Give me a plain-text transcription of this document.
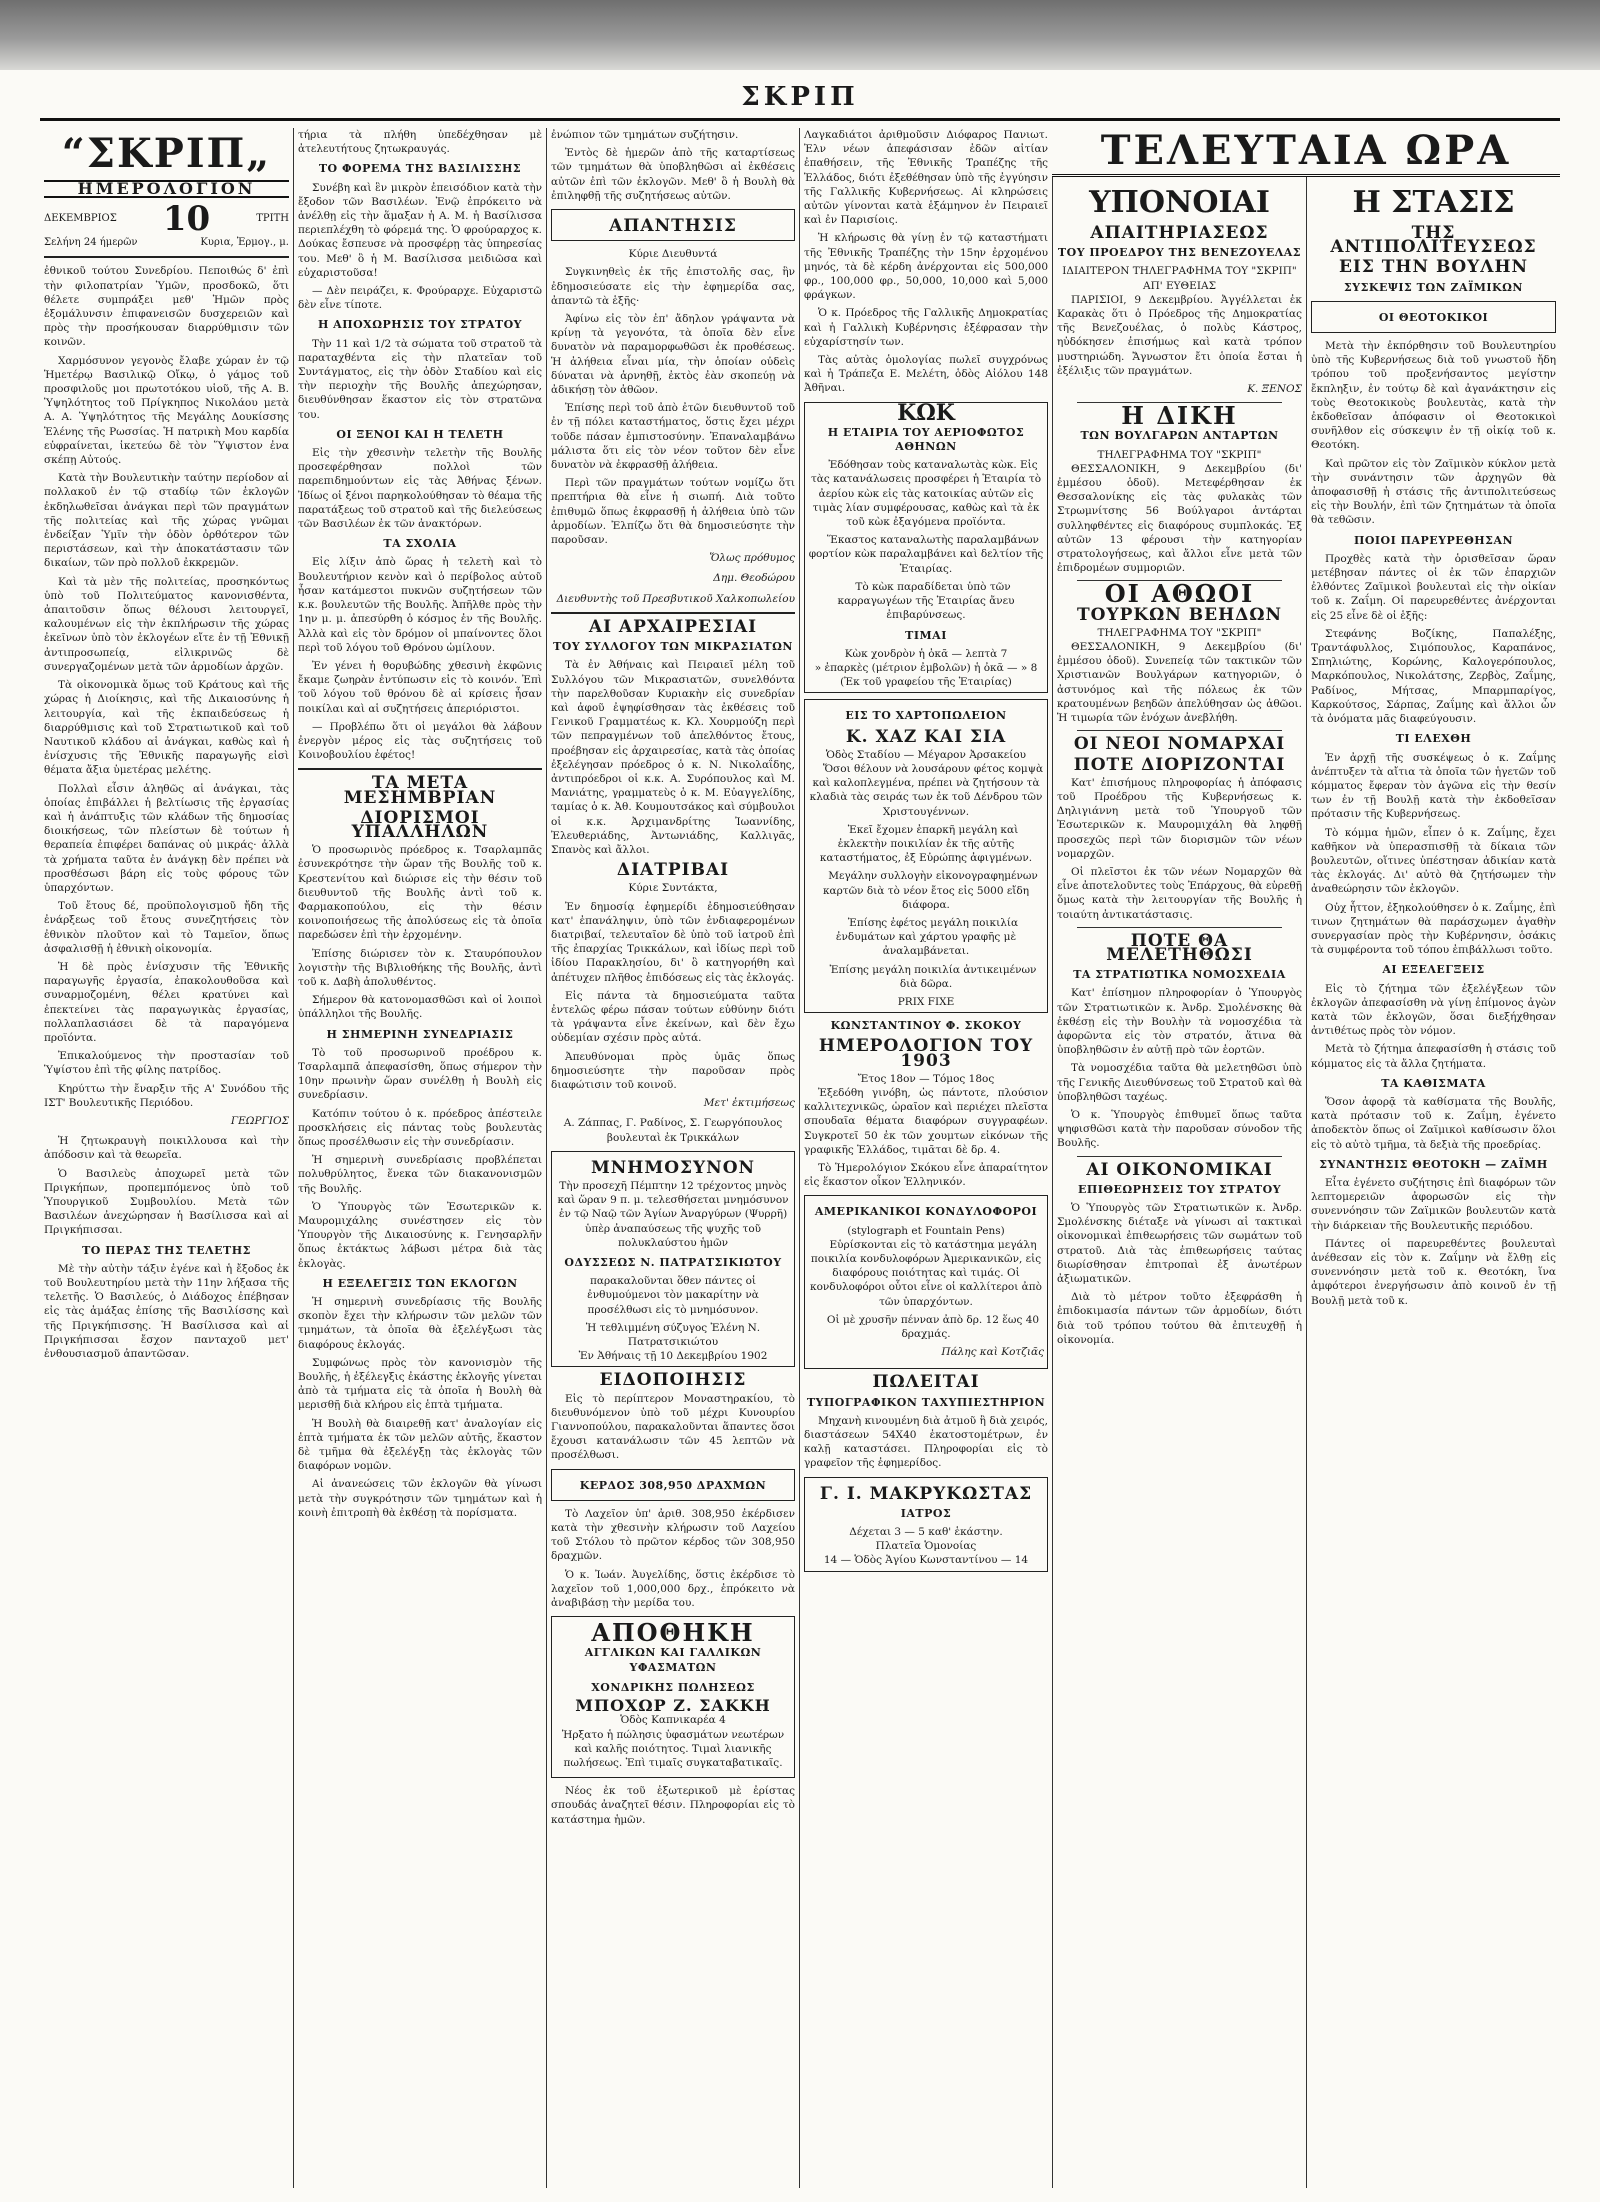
ΣΚΡΙΠ
“ΣΚΡΙΠ„
ΗΜΕΡΟΛΟΓΙΟΝ
ΔΕΚΕΜΒΡΙΟΣ 10	ΤΡΙΤΗ
Σελήνη 24 ήμερῶν	Κυρια, Ἐρμογ., μ.

ἐθνικοῦ τούτου Συνεδρίου. Πεποιθώς δ' ἐπὶ τὴν φιλοπατρίαν Ὑμῶν, προσδοκῶ, ὅτι θέλετε συμπράξει μεθ' Ἡμῶν πρὸς ἐξομάλυνσιν ἐπιφανεισῶν δυσχερειῶν καὶ πρὸς τὴν προσήκουσαν διαρρύθμισιν τῶν κοινῶν.

Χαρμόσυνον γεγονὸς ἔλαβε χώραν ἐν τῷ Ἡμετέρῳ Βασιλικῷ Οἴκῳ, ὁ γάμος τοῦ προσφιλοῦς μοι πρωτοτόκου υἱοῦ, τῆς Α. Β. Ὑψηλότητος τοῦ Πρίγκηπος Νικολάου μετὰ Α. Α. Ὑψηλότητος τῆς Μεγάλης Δουκίσσης Ἑλένης τῆς Ρωσσίας. Ἡ πατρικὴ Μου καρδία εὐφραίνεται, ἱκετεύω δὲ τὸν Ὕψιστον ἐνα σκέπῃ Αὐτούς.

Κατὰ τὴν Βουλευτικὴν ταύτην περίοδον αἱ πολλακοῦ ἐν τῷ σταδίῳ τῶν ἐκλογῶν ἐκδηλωθεῖσαι ἀνάγκαι περὶ τῶν πραγμάτων τῆς πολιτείας καὶ τῆς χώρας γνῶμαι ἐνδείξαν Ὑμῖν τὴν ὁδὸν ὀρθότερον τῶν περιστάσεων, καὶ τὴν ἀποκατάστασιν τῶν δικαίων, τῶν πρὸ πολλοῦ ἐκκρεμῶν.

Καὶ τὰ μὲν τῆς πολιτείας, προσηκόντως ὑπὸ τοῦ Πολιτεύματος κανονισθέντα, ἀπαιτοῦσιν ὅπως θέλουσι λειτουργεῖ, καλουμένων εἰς τὴν ἐκπλήρωσιν τῆς χώρας ἐκεῖνων ὑπὸ τὸν ἐκλογέων εἴτε ἐν τῇ Ἐθνικῇ ἀντιπροσωπείᾳ, εἰλικρινῶς δὲ συνεργαζομένων μετὰ τῶν ἀρμοδίων ἀρχῶν.

Τὰ οἰκονομικὰ ὅμως τοῦ Κράτους καὶ τῆς χώρας ἡ Διοίκησις, καὶ τῆς Δικαιοσύνης ἡ λειτουργία, καὶ τῆς ἐκπαιδεύσεως ἡ διαρρύθμισις καὶ τοῦ Στρατιωτικοῦ καὶ τοῦ Ναυτικοῦ κλάδου αἱ ἀνάγκαι, καθὼς καὶ ἡ ἐνίσχυσις τῆς Ἐθνικῆς παραγωγῆς εἰσὶ θέματα ἄξια ὑμετέρας μελέτης.

Πολλαὶ εἶσιν ἀληθῶς αἱ ἀνάγκαι, τὰς ὁποίας ἐπιβάλλει ἡ βελτίωσις τῆς ἐργασίας καὶ ἡ ἀνάπτυξις τῶν κλάδων τῆς δημοσίας διοικήσεως, τῶν πλείστων δὲ τούτων ἡ θεραπεία ἐπιφέρει δαπάνας οὐ μικράς· ἀλλὰ τὰ χρήματα ταῦτα ἐν ἀνάγκῃ δὲν πρέπει νὰ προσθέσωσι βάρη εἰς τοὺς φόρους τῶν ὑπαρχόντων.

Τοῦ ἔτους δέ, προϋπολογισμοῦ ἤδη τῆς ἐνάρξεως τοῦ ἔτους συνεζητήσεις τὸν ἐθνικὸν πλοῦτον καὶ τὸ Ταμεῖον, ὅπως ἀσφαλισθῇ ἡ ἐθνικὴ οἰκονομία.

Ἡ δὲ πρὸς ἐνίσχυσιν τῆς Ἐθνικῆς παραγωγῆς ἐργασία, ἐπακολουθοῦσα καὶ συναρμοζομένη, θέλει κρατύνει καὶ ἐπεκτείνει τὰς παραγωγικὰς ἐργασίας, πολλαπλασιάσει δὲ τὰ παραγόμενα προϊόντα.

Ἐπικαλούμενος τὴν προστασίαν τοῦ Ὑψίστου ἐπὶ τῆς φίλης πατρίδος.

Κηρύττω τὴν ἔναρξιν τῆς Α' Συνόδου τῆς ΙΣΤ' Βουλευτικῆς Περιόδου.

ΓΕΩΡΓΙΟΣ

Ἡ ζητωκραυγὴ ποικιλλουσα καὶ τὴν ἀπόδοσιν καὶ τὰ θεωρεῖα.

Ὁ Βασιλεὺς ἀποχωρεῖ μετὰ τῶν Πριγκήπων, προπεμπόμενος ὑπὸ τοῦ Ὑπουργικοῦ Συμβουλίου. Μετὰ τῶν Βασιλέων ἀνεχώρησαν ἡ Βασίλισσα καὶ αἱ Πριγκήπισσαι.

ΤΟ ΠΕΡΑΣ ΤΗΣ ΤΕΛΕΤΗΣ

Μὲ τὴν αὐτὴν τάξιν ἐγένε καὶ ἡ ἔξοδος ἐκ τοῦ Βουλευτηρίου μετὰ τὴν 11ην λήξασα τῆς τελετῆς. Ὁ Βασιλεύς, ὁ Διάδοχος ἐπέβησαν εἰς τὰς ἁμάξας ἐπίσης τῆς Βασιλίσσης καὶ τῆς Πριγκήπισσης. Ἡ Βασίλισσα καὶ αἱ Πριγκήπισσαι ἔσχον πανταχοῦ μετ' ἐνθουσιασμοῦ ἀπαντῶσαν.

τήρια τὰ πλήθη ὑπεδέχθησαν μὲ ἀτελευτήτους ζητωκραυγάς.

ΤΟ ΦΟΡΕΜΑ ΤΗΣ ΒΑΣΙΛΙΣΣΗΣ

Συνέβη καὶ ἓν μικρὸν ἐπεισόδιον κατὰ τὴν ἔξοδον τῶν Βασιλέων. Ἐνῷ ἐπρόκειτο νὰ ἀνέλθῃ εἰς τὴν ἅμαξαν ἡ Α. Μ. ἡ Βασίλισσα περιεπλέχθη τὸ φόρεμά της. Ὁ φρούραρχος κ. Δούκας ἔσπευσε νὰ προσφέρῃ τὰς ὑπηρεσίας του. Μεθ' ὃ ἡ Μ. Βασίλισσα μειδιῶσα καὶ εὐχαριστοῦσα!

— Δὲν πειράζει, κ. Φρούραρχε. Εὐχαριστῶ δὲν εἶνε τίποτε.

Η ΑΠΟΧΩΡΗΣΙΣ ΤΟΥ ΣΤΡΑΤΟΥ

Τὴν 11 καὶ 1/2 τὰ σώματα τοῦ στρατοῦ τὰ παραταχθέντα εἰς τὴν πλατεῖαν τοῦ Συντάγματος, εἰς τὴν ὁδὸν Σταδίου καὶ εἰς τὴν περιοχὴν τῆς Βουλῆς ἀπεχώρησαν, διευθύνθησαν ἕκαστον εἰς τὸν στρατῶνα του.

ΟΙ ΞΕΝΟΙ ΚΑΙ Η ΤΕΛΕΤΗ

Εἰς τὴν χθεσινὴν τελετὴν τῆς Βουλῆς προσεφέρθησαν πολλοὶ τῶν παρεπιδημούντων εἰς τὰς Ἀθήνας ξένων. Ἰδίως οἱ ξένοι παρηκολούθησαν τὸ θέαμα τῆς παρατάξεως τοῦ στρατοῦ καὶ τῆς διελεύσεως τῶν Βασιλέων ἐκ τῶν ἀνακτόρων.

ΤΑ ΣΧΟΛΙΑ

Εἰς λίξιν ἀπὸ ὥρας ἡ τελετὴ καὶ τὸ Βουλευτήριον κενὸν καὶ ὁ περίβολος αὐτοῦ ἦσαν κατάμεστοι πυκνῶν συζητήσεων τῶν κ.κ. βουλευτῶν τῆς Βουλῆς. Ἀπῆλθε πρὸς τὴν 1ην μ. μ. ἀπεσύρθη ὁ κόσμος ἐν τῆς Βουλῆς. Ἀλλὰ καὶ εἰς τὸν δρόμον οἱ μπαίνοντες ὅλοι περὶ τοῦ λόγου τοῦ Θρόνου ὡμίλουν.

Ἐν γένει ἡ θορυβώδης χθεσινὴ ἐκφῶνις ἔκαμε ζωηρὰν ἐντύπωσιν εἰς τὸ κοινόν. Ἐπὶ τοῦ λόγου τοῦ θρόνου δὲ αἱ κρίσεις ἦσαν ποικίλαι καὶ αἱ συζητήσεις ἀπεριόριστοι.

— Προβλέπω ὅτι οἱ μεγάλοι θὰ λάβουν ἐνεργὸν μέρος εἰς τὰς συζητήσεις τοῦ Κοινοβουλίου ἐφέτος!

ΤΑ ΜΕΤΑ ΜΕΣΗΜΒΡΙΑΝ
ΔΙΟΡΙΣΜΟΙ ΥΠΑΛΛΗΛΩΝ

Ὁ προσωρινὸς πρόεδρος κ. Τσαρλαμπᾶς ἐσυνεκρότησε τὴν ὥραν τῆς Βουλῆς τοῦ κ. Κρεστενίτου καὶ διώρισε εἰς τὴν θέσιν τοῦ διευθυντοῦ τῆς Βουλῆς ἀντὶ τοῦ κ. Φαρμακοπούλου, εἰς τὴν θέσιν κοινοποιήσεως τῆς ἀπολύσεως εἰς τὰ ὁποῖα παρεδώσεν ἐπὶ τὴν ἐρχομένην.

Ἐπίσης διώρισεν τὸν κ. Σταυρόπουλον λογιστὴν τῆς Βιβλιοθήκης τῆς Βουλῆς, ἀντὶ τοῦ κ. Δαβὴ ἀπολυθέντος.

Σήμερον θὰ κατονομασθῶσι καὶ οἱ λοιποὶ ὑπάλληλοι τῆς Βουλῆς.

Η ΣΗΜΕΡΙΝΗ ΣΥΝΕΔΡΙΑΣΙΣ

Τὸ τοῦ προσωρινοῦ προέδρου κ. Τσαρλαμπᾶ ἀπεφασίσθη, ὅπως σήμερον τὴν 10ην πρωινὴν ὥραν συνέλθῃ ἡ Βουλὴ εἰς συνεδρίασιν.

Κατόπιν τούτου ὁ κ. πρόεδρος ἀπέστειλε προσκλήσεις εἰς πάντας τοὺς βουλευτὰς ὅπως προσέλθωσιν εἰς τὴν συνεδρίασιν.

Ἡ σημερινὴ συνεδρίασις προβλέπεται πολυθρύλητος, ἕνεκα τῶν διακανονισμῶν τῆς Βουλῆς.

Ὁ Ὑπουργὸς τῶν Ἐσωτερικῶν κ. Μαυρομιχάλης συνέστησεν εἰς τὸν Ὑπουργὸν τῆς Δικαιοσύνης κ. Γενησαρλῆν ὅπως ἐκτάκτως λάβωσι μέτρα διὰ τὰς ἐκλογὰς.

Η ΕΞΕΛΕΓΞΙΣ ΤΩΝ ΕΚΛΟΓΩΝ

Ἡ σημερινὴ συνεδρίασις τῆς Βουλῆς σκοπὸν ἔχει τὴν κλήρωσιν τῶν μελῶν τῶν τμημάτων, τὰ ὁποῖα θὰ ἐξελέγξωσι τὰς διαφόρους ἐκλογάς.

Συμφώνως πρὸς τὸν κανονισμὸν τῆς Βουλῆς, ἡ ἐξέλεγξις ἐκάστης ἐκλογῆς γίνεται ἀπὸ τὰ τμήματα εἰς τὰ ὁποῖα ἡ Βουλὴ θὰ μερισθῇ διὰ κλήρου εἰς ἑπτὰ τμήματα.

Ἡ Βουλὴ θὰ διαιρεθῇ κατ' ἀναλογίαν εἰς ἑπτὰ τμήματα ἐκ τῶν μελῶν αὐτῆς, ἕκαστον δὲ τμῆμα θὰ ἐξελέγξῃ τὰς ἐκλογὰς τῶν διαφόρων νομῶν.

Αἱ ἀνανεώσεις τῶν ἐκλογῶν θὰ γίνωσι μετὰ τὴν συγκρότησιν τῶν τμημάτων καὶ ἡ κοινὴ ἐπιτροπὴ θὰ ἐκθέσῃ τὰ πορίσματα.

ἐνώπιον τῶν τμημάτων συζήτησιν.

Ἐντὸς δὲ ἡμερῶν ἀπὸ τῆς καταρτίσεως τῶν τμημάτων θὰ ὑποβληθῶσι αἱ ἐκθέσεις αὐτῶν ἐπὶ τῶν ἐκλογῶν. Μεθ' ὃ ἡ Βουλὴ θὰ ἐπιληφθῇ τῆς συζητήσεως αὐτῶν.

ΑΠΑΝΤΗΣΙΣ

Κύριε Διευθυντά

Συγκινηθεὶς ἐκ τῆς ἐπιστολῆς σας, ἣν ἐδημοσιεύσατε εἰς τὴν ἐφημερίδα σας, ἀπαντῶ τὰ ἑξῆς·

Ἀφίνω εἰς τὸν ἐπ' ἄδηλον γράψαντα νὰ κρίνῃ τὰ γεγονότα, τὰ ὁποῖα δὲν εἶνε δυνατὸν νὰ παραμορφωθῶσι ἐκ προθέσεως. Ἡ ἀλήθεια εἶναι μία, τὴν ὁποίαν οὐδεὶς δύναται νὰ ἀρνηθῇ, ἐκτὸς ἐὰν σκοπεύῃ νὰ ἀδικήσῃ τὸν ἀθῶον.

Ἐπίσης περὶ τοῦ ἀπὸ ἐτῶν διευθυντοῦ τοῦ ἐν τῇ πόλει καταστήματος, ὅστις ἔχει μέχρι τοῦδε πάσαν ἐμπιστοσύνην. Ἐπαναλαμβάνω μάλιστα ὅτι εἰς τὸν νέον τοῦτον δὲν εἶνε δυνατὸν νὰ ἐκφρασθῇ ἀλήθεια.

Περὶ τῶν πραγμάτων τούτων νομίζω ὅτι πρεπτήρια θὰ εἶνε ἡ σιωπή. Διὰ τοῦτο ἐπιθυμῶ ὅπως ἐκφρασθῇ ἡ ἀλήθεια ὑπὸ τῶν ἁρμοδίων. Ἐλπίζω ὅτι θὰ δημοσιεύσητε τὴν παροῦσαν.

Ὅλως πρόθυμος
Δημ. Θεοδώρου
Διευθυντὴς τοῦ Πρεσβυτικοῦ Χαλκοπωλείου
ΑΙ ΑΡΧΑΙΡΕΣΙΑΙ
ΤΟΥ ΣΥΛΛΟΓΟΥ ΤΩΝ ΜΙΚΡΑΣΙΑΤΩΝ

Τὰ ἐν Ἀθήναις καὶ Πειραιεῖ μέλη τοῦ Συλλόγου τῶν Μικρασιατῶν, συνελθόντα τὴν παρελθοῦσαν Κυριακὴν εἰς συνεδρίαν καὶ ἀφοῦ ἐψηφίσθησαν τὰς ἐκθέσεις τοῦ Γενικοῦ Γραμματέως κ. Κλ. Χουρμούζη περὶ τῶν πεπραγμένων τοῦ ἀπελθόντος ἔτους, προέβησαν εἰς ἀρχαιρεσίας, κατὰ τὰς ὁποίας ἐξελέγησαν πρόεδρος ὁ κ. Ν. Νικολαΐδης, ἀντιπρόεδροι οἱ κ.κ. Α. Συρόπουλος καὶ Μ. Μανιάτης, γραμματεὺς ὁ κ. Μ. Εὐαγγελίδης, ταμίας ὁ κ. Ἀθ. Κουμουτσάκος καὶ σύμβουλοι οἱ κ.κ. Ἀρχιμανδρίτης Ἰωαννίδης, Ἐλευθεριάδης, Ἀντωνιάδης, Καλλιγᾶς, Σπανὸς καὶ ἄλλοι.

ΔΙΑΤΡΙΒΑΙ

Κύριε Συντάκτα,

Ἐν δημοσίᾳ ἐφημερίδι ἐδημοσιεύθησαν κατ' ἐπανάληψιν, ὑπὸ τῶν ἐνδιαφερομένων διατριβαί, τελευταῖον δὲ ὑπὸ τοῦ ἰατροῦ ἐπὶ τῆς ἐπαρχίας Τρικκάλων, καὶ ἰδίως περὶ τοῦ ἰδίου Παρακλησίου, δι' ὃ κατηγορήθη καὶ ἀπέτυχεν πλῆθος ἐπιδόσεως εἰς τὰς ἐκλογάς.

Εἰς πάντα τὰ δημοσιεύματα ταῦτα ἐντελῶς φέρω πάσαν τούτων εὐθύνην διότι τὰ γράψαντα εἶνε ἐκείνων, καὶ δὲν ἔχω οὐδεμίαν σχέσιν πρὸς αὐτά.

Ἀπευθύνομαι πρὸς ὑμᾶς ὅπως δημοσιεύσητε τὴν παροῦσαν πρὸς διαφώτισιν τοῦ κοινοῦ.

Μετ' ἐκτιμήσεως
Α. Ζάππας, Γ. Ραδίνος, Σ. Γεωργόπουλος
βουλευταὶ ἐκ Τρικκάλων
ΜΝΗΜΟΣΥΝΟΝ

Τὴν προσεχῆ Πέμπτην 12 τρέχοντος μηνὸς καὶ ὥραν 9 π. μ. τελεσθήσεται μνημόσυνον ἐν τῷ Ναῷ τῶν Ἁγίων Ἀναργύρων (Ψυρρῆ) ὑπὲρ ἀναπαύσεως τῆς ψυχῆς τοῦ πολυκλαύστου ἡμῶν

ΟΔΥΣΣΕΩΣ Ν. ΠΑΤΡΑΤΣΙΚΙΩΤΟΥ

παρακαλοῦνται ὅθεν πάντες οἱ ἐνθυμούμενοι τὸν μακαρίτην νὰ προσέλθωσι εἰς τὸ μνημόσυνον.

Ἡ τεθλιμμένη σύζυγος Ἐλένη Ν. Πατρατσικιώτου
Ἐν Ἀθήναις τῇ 10 Δεκεμβρίου 1902
ΕΙΔΟΠΟΙΗΣΙΣ

Εἰς τὸ περίπτερον Μοναστηρακίου, τὸ διευθυνόμενον ὑπὸ τοῦ μέχρι Κυνουρίου Γιαννοπούλου, παρακαλοῦνται ἅπαντες ὅσοι ἔχουσι κατανάλωσιν τῶν 45 λεπτῶν νὰ προσέλθωσι.

ΚΕΡΔΟΣ 308,950 ΔΡΑΧΜΩΝ

Τὸ Λαχεῖον ὑπ' ἀριθ. 308,950 ἐκέρδισεν κατὰ τὴν χθεσινὴν κλήρωσιν τοῦ Λαχείου τοῦ Στόλου τὸ πρῶτον κέρδος τῶν 308,950 δραχμῶν.

Ὁ κ. Ἰωάν. Ἀυγελίδης, ὅστις ἐκέρδισε τὸ λαχεῖον τοῦ 1,000,000 δρχ., ἐπρόκειτο νὰ ἀναβιβάσῃ τὴν μερίδα του.

ΑΠΟΘΗΚΗ
ΑΓΓΛΙΚΩΝ ΚΑΙ ΓΑΛΛΙΚΩΝ ΥΦΑΣΜΑΤΩΝ
ΧΟΝΔΡΙΚΗΣ ΠΩΛΗΣΕΩΣ
ΜΠΟΧΩΡ Ζ. ΣΑΚΚΗ
Ὁδὸς Καπνικαρέα 4

Ἠρξατο ἡ πώλησις ὑφασμάτων νεωτέρων καὶ καλῆς ποιότητος. Τιμαὶ λιανικῆς πωλήσεως. Ἐπὶ τιμαῖς συγκαταβατικαῖς.

Νέος ἐκ τοῦ ἐξωτερικοῦ μὲ ἐρίστας σπουδάς ἀναζητεῖ θέσιν. Πληροφορίαι εἰς τὸ κατάστημα ἡμῶν.

Λαγκαδιάτοι ἀριθμοῦσιν Διόφαρος Πανιωτ. Ἐλν νέων ἀπεφάσισαν ἐδῶν αἰτίαν ἐπαθήσειν, τῆς Ἐθνικῆς Τραπέζης τῆς Ἑλλάδος, διότι ἐξεθέθησαν ὑπὸ τῆς ἐγγύησιν τῆς Γαλλικῆς Κυβερνήσεως. Αἱ κληρώσεις αὐτῶν γίνονται κατὰ ἑξάμηνον ἐν Πειραιεῖ καὶ ἐν Παρισίοις.

Ἡ κλήρωσις θὰ γίνῃ ἐν τῷ καταστήματι τῆς Ἐθνικῆς Τραπέζης τὴν 15ην ἐρχομένου μηνός, τὰ δὲ κέρδη ἀνέρχονται εἰς 500,000 φρ., 100,000 φρ., 50,000, 10,000 καὶ 5,000 φράγκων.

Ὁ κ. Πρόεδρος τῆς Γαλλικῆς Δημοκρατίας καὶ ἡ Γαλλικὴ Κυβέρνησις ἐξέφρασαν τὴν εὐχαρίστησίν των.

Τὰς αὐτὰς ὁμολογίας πωλεῖ συγχρόνως καὶ ἡ Τράπεζα Ε. Μελέτη, ὁδὸς Αἰόλου 148 Ἀθῆναι.

ΚΩΚ
Η ΕΤΑΙΡΙΑ ΤΟΥ ΑΕΡΙΟΦΩΤΟΣ ΑΘΗΝΩΝ

Ἐδόθησαν τοὺς καταναλωτὰς κὼκ. Εἰς τὰς κατανάλωσεις προσφέρει ἡ Ἑταιρία τὸ ἀερίου κὼκ εἰς τὰς κατοικίας αὐτῶν εἰς τιμὰς λίαν συμφέρουσας, καθὼς καὶ τὰ ἐκ τοῦ κὼκ ἐξαγόμενα προϊόντα.

Ἕκαστος καταναλωτὴς παραλαμβάνων φορτίον κὼκ παραλαμβάνει καὶ δελτίον τῆς Ἑταιρίας.

Τὸ κὼκ παραδίδεται ὑπὸ τῶν καρραγωγέων τῆς Ἑταιρίας ἄνευ ἐπιβαρύνσεως.

ΤΙΜΑΙ
Κὼκ χονδρὸν ἡ ὀκᾶ — λεπτὰ 7
» ἐπαρκὲς (μέτριον ἐμβολῶν) ἡ ὀκᾶ — » 8
(Ἐκ τοῦ γραφείου τῆς Ἑταιρίας)
ΕΙΣ ΤΟ ΧΑΡΤΟΠΩΛΕΙΟΝ
Κ. ΧΑΖ ΚΑΙ ΣΙΑ
Ὁδὸς Σταδίου — Μέγαρον Ἀρσακείου

Ὅσοι θέλουν νὰ λουσάρουν φέτος κομψὰ καὶ καλοπλεγμένα, πρέπει νὰ ζητήσουν τὰ κλαδιὰ τὰς σειράς των ἐκ τοῦ Δένδρου τῶν Χριστουγέννων.

Ἐκεῖ ἔχομεν ἐπαρκῆ μεγάλη καὶ ἐκλεκτὴν ποικιλίαν ἐκ τῆς αὐτῆς καταστήματος, ἐξ Εὐρώπης ἀφιγμένων.

Μεγάλην συλλογὴν εἰκονογραφημένων καρτῶν διὰ τὸ νέον ἔτος εἰς 5000 εἴδη διάφορα.

Ἐπίσης ἐφέτος μεγάλη ποικιλία ἐνδυμάτων καὶ χάρτου γραφῆς μὲ ἀναλαμβάνεται.

Ἐπίσης μεγάλη ποικιλία ἀντικειμένων διὰ δῶρα.

PRIX FIXE
ΚΩΝΣΤΑΝΤΙΝΟΥ Φ. ΣΚΟΚΟΥ
ΗΜΕΡΟΛΟΓΙΟΝ ΤΟΥ 1903
Ἔτος 18ον — Τόμος 18ος

Ἐξεδόθη γινόβη, ὡς πάντοτε, πλούσιον καλλιτεχνικῶς, ὡραῖον καὶ περιέχει πλεῖστα σπουδαῖα θέματα διαφόρων συγγραφέων. Συγκροτεῖ 50 ἐκ τῶν χουμτων εἰκόνων τῆς γραφικῆς Ἑλλάδος, τιμᾶται δὲ δρ. 4.

Τὸ Ἡμερολόγιον Σκόκου εἶνε ἀπαραίτητον εἰς ἕκαστον οἶκον Ἑλληνικόν.

ΑΜΕΡΙΚΑΝΙΚΟΙ ΚΟΝΔΥΛΟΦΟΡΟΙ
(stylograph et Fountain Pens)

Εὑρίσκονται εἰς τὸ κατάστημα μεγάλη ποικιλία κονδυλοφόρων Ἀμερικανικῶν, εἰς διαφόρους ποιότητας καὶ τιμάς. Οἱ κονδυλοφόροι οὗτοι εἶνε οἱ καλλίτεροι ἀπὸ τῶν ὑπαρχόντων.

Οἱ μὲ χρυσῆν πένναν ἀπὸ δρ. 12 ἕως 40 δραχμάς.

Πάλης καὶ Κοτζιᾶς
ΠΩΛΕΙΤΑΙ
ΤΥΠΟΓΡΑΦΙΚΟΝ ΤΑΧΥΠΙΕΣΤΗΡΙΟΝ

Μηχανὴ κινουμένη διὰ ἀτμοῦ ἢ διὰ χειρός, διαστάσεων 54Χ40 ἐκατοστομέτρων, ἐν καλῇ καταστάσει. Πληροφορίαι εἰς τὸ γραφεῖον τῆς ἐφημερίδος.

Γ. Ι. ΜΑΚΡΥΚΩΣΤΑΣ
ΙΑΤΡΟΣ
Δέχεται 3 — 5 καθ' ἑκάστην.
Πλατεῖα Ὁμονοίας
14 — Ὁδὸς Ἁγίου Κωνσταντίνου — 14
ΥΠΟΝΟΙΑΙ
ΑΠΑΙΤΗΡΙΑΣΕΩΣ
ΤΟΥ ΠΡΟΕΔΡΟΥ ΤΗΣ ΒΕΝΕΖΟΥΕΛΑΣ
ΙΔΙΑΙΤΕΡΟΝ ΤΗΛΕΓΡΑΦΗΜΑ ΤΟΥ "ΣΚΡΙΠ"
ΑΠ' ΕΥΘΕΙΑΣ

ΠΑΡΙΣΙΟΙ, 9 Δεκεμβρίου. Ἀγγέλλεται ἐκ Καρακὰς ὅτι ὁ Πρόεδρος τῆς Δημοκρατίας τῆς Βενεζουέλας, ὁ πολὺς Κάστρος, ηὐδόκησεν ἐπισήμως καὶ κατὰ τρόπον μυστηριώδη. Ἄγνωστον ἔτι ὁποία ἔσται ἡ ἐξέλιξις τῶν πραγμάτων.

Κ. ΞΕΝΟΣ
Η ΔΙΚΗ
ΤΩΝ ΒΟΥΛΓΑΡΩΝ ΑΝΤΑΡΤΩΝ
ΤΗΛΕΓΡΑΦΗΜΑ ΤΟΥ "ΣΚΡΙΠ"

ΘΕΣΣΑΛΟΝΙΚΗ, 9 Δεκεμβρίου (δι' ἐμμέσου ὁδοῦ). Μετεφέρθησαν ἐκ Θεσσαλονίκης εἰς τὰς φυλακὰς τῶν Στρωμνίτσης 56 Βούλγαροι ἀντάρται συλληφθέντες εἰς διαφόρους συμπλοκάς. Ἐξ αὐτῶν 13 φέρουσι τὴν κατηγορίαν στρατολογήσεως, καὶ ἄλλοι εἶνε μετὰ τῶν ἐπιδρομέων συμμοριῶν.

ΟΙ ΑΘΩΟΙ
ΤΟΥΡΚΩΝ ΒΕΗΔΩΝ
ΤΗΛΕΓΡΑΦΗΜΑ ΤΟΥ "ΣΚΡΙΠ"

ΘΕΣΣΑΛΟΝΙΚΗ, 9 Δεκεμβρίου (δι' ἐμμέσου ὁδοῦ). Συνεπείᾳ τῶν τακτικῶν τῶν Χριστιανῶν Βουλγάρων κατηγοριῶν, ὁ ἀστυνόμος καὶ τῆς πόλεως ἐκ τῶν κρατουμένων βεηδῶν ἀπελύθησαν ὡς ἀθῶοι. Ἡ τιμωρία τῶν ἐνόχων ἀνεβλήθη.

ΟΙ ΝΕΟΙ ΝΟΜΑΡΧΑΙ
ΠΟΤΕ ΔΙΟΡΙΖΟΝΤΑΙ

Κατ' ἐπισήμους πληροφορίας ἡ ἀπόφασις τοῦ Προέδρου τῆς Κυβερνήσεως κ. Δηλιγιάννη μετὰ τοῦ Ὑπουργοῦ τῶν Ἐσωτερικῶν κ. Μαυρομιχάλη θὰ ληφθῇ προσεχῶς περὶ τῶν διορισμῶν τῶν νέων νομαρχῶν.

Οἱ πλεῖστοι ἐκ τῶν νέων Νομαρχῶν θὰ εἶνε ἀποτελοῦντες τοὺς Ἐπάρχους, θὰ εὑρεθῇ ὅμως κατὰ τὴν λειτουργίαν τῆς Βουλῆς ἡ τοιαύτη ἀντικατάστασις.

ΠΟΤΕ ΘΑ ΜΕΛΕΤΗΘΩΣΙ
ΤΑ ΣΤΡΑΤΙΩΤΙΚΑ ΝΟΜΟΣΧΕΔΙΑ

Κατ' ἐπίσημον πληροφορίαν ὁ Ὑπουργὸς τῶν Στρατιωτικῶν κ. Ἀνδρ. Σμολένσκης θὰ ἐκθέσῃ εἰς τὴν Βουλὴν τὰ νομοσχέδια τὰ ἀφορῶντα εἰς τὸν στρατόν, ἅτινα θὰ ὑποβληθῶσιν ἐν αὐτῇ πρὸ τῶν ἑορτῶν.

Τὰ νομοσχέδια ταῦτα θὰ μελετηθῶσι ὑπὸ τῆς Γενικῆς Διευθύνσεως τοῦ Στρατοῦ καὶ θὰ ὑποβληθῶσι ταχέως.

Ὁ κ. Ὑπουργὸς ἐπιθυμεῖ ὅπως ταῦτα ψηφισθῶσι κατὰ τὴν παροῦσαν σύνοδον τῆς Βουλῆς.

ΑΙ ΟΙΚΟΝΟΜΙΚΑΙ
ΕΠΙΘΕΩΡΗΣΕΙΣ ΤΟΥ ΣΤΡΑΤΟΥ

Ὁ Ὑπουργὸς τῶν Στρατιωτικῶν κ. Ἀνδρ. Σμολένσκης διέταξε νὰ γίνωσι αἱ τακτικαὶ οἰκονομικαὶ ἐπιθεωρήσεις τῶν σωμάτων τοῦ στρατοῦ. Διὰ τὰς ἐπιθεωρήσεις ταύτας διωρίσθησαν ἐπιτροπαὶ ἐξ ἀνωτέρων ἀξιωματικῶν.

Διὰ τὸ μέτρον τοῦτο ἐξεφράσθη ἡ ἐπιδοκιμασία πάντων τῶν ἀρμοδίων, διότι διὰ τοῦ τρόπου τούτου θὰ ἐπιτευχθῇ ἡ οἰκονομία.

Η ΣΤΑΣΙΣ
ΤΗΣ ΑΝΤΙΠΟΛΙΤΕΥΣΕΩΣ
ΕΙΣ ΤΗΝ ΒΟΥΛΗΝ
ΣΥΣΚΕΨΙΣ ΤΩΝ ΖΑΪΜΙΚΩΝ
ΟΙ ΘΕΟΤΟΚΙΚΟΙ

Μετὰ τὴν ἐκπόρθησιν τοῦ Βουλευτηρίου ὑπὸ τῆς Κυβερνήσεως διὰ τοῦ γνωστοῦ ἤδη τρόπου τοῦ προξενήσαντος μεγίστην ἔκπληξιν, ἐν τούτῳ δὲ καὶ ἀγανάκτησιν εἰς τοὺς Θεοτοκικοὺς βουλευτὰς, κατὰ τὴν ἐκδοθεῖσαν ἀπόφασιν οἱ Θεοτοκικοὶ συνῆλθον εἰς σύσκεψιν ἐν τῇ οἰκίᾳ τοῦ κ. Θεοτόκη.

Καὶ πρῶτον εἰς τὸν Ζαϊμικὸν κύκλον μετὰ τὴν συνάντησιν τῶν ἀρχηγῶν θὰ ἀποφασισθῇ ἡ στάσις τῆς ἀντιπολιτεύσεως εἰς τὴν Βουλήν, ἐπὶ τῶν ζητημάτων τὰ ὁποῖα θὰ τεθῶσιν.

ΠΟΙΟΙ ΠΑΡΕΥΡΕΘΗΣΑΝ

Προχθὲς κατὰ τὴν ὁρισθεῖσαν ὥραν μετέβησαν πάντες οἱ ἐκ τῶν ἐπαρχιῶν ἐλθόντες Ζαϊμικοὶ βουλευταὶ εἰς τὴν οἰκίαν τοῦ κ. Ζαΐμη. Οἱ παρευρεθέντες ἀνέρχονται εἰς 25 εἶνε δὲ οἱ ἑξῆς:

Στεφάνης Βοζίκης, Παπαλέξης, Τραντάφυλλος, Σιμόπουλος, Καραπάνος, Σπηλιώτης, Κορώνης, Καλογερόπουλος, Μαρκόπουλος, Νικολάτσης, Ζερβὸς, Ζαΐμης, Ραδίνος, Μήτσας, Μπαρμπαρίγος, Καρκούτσος, Σάρπας, Ζαΐμης καὶ ἄλλοι ὧν τὰ ὀνόματα μᾶς διαφεύγουσιν.

ΤΙ ΕΛΕΧΘΗ

Ἐν ἀρχῇ τῆς συσκέψεως ὁ κ. Ζαΐμης ἀνέπτυξεν τὰ αἴτια τὰ ὁποῖα τῶν ἡγετῶν τοῦ κόμματος ἔφεραν τὸν ἀγῶνα εἰς τὴν θεσίν των ἐν τῇ Βουλῇ κατὰ τὴν ἐκδοθεῖσαν πρότασιν τῆς Κυβερνήσεως.

Τὸ κόμμα ἡμῶν, εἶπεν ὁ κ. Ζαΐμης, ἔχει καθῆκον νὰ ὑπερασπισθῇ τὰ δίκαια τῶν βουλευτῶν, οἵτινες ὑπέστησαν ἀδικίαν κατὰ τὰς ἐκλογάς. Δι' αὐτὸ θὰ ζητήσωμεν τὴν ἀναθεώρησιν τῶν ἐκλογῶν.

Οὐχ ἧττον, ἐξηκολούθησεν ὁ κ. Ζαΐμης, ἐπὶ τινων ζητημάτων θὰ παράσχωμεν ἀγαθὴν συνεργασίαν πρὸς τὴν Κυβέρνησιν, ὁσάκις τὰ συμφέροντα τοῦ τόπου ἐπιβάλλωσι τοῦτο.

ΑΙ ΕΞΕΛΕΓΞΕΙΣ

Εἰς τὸ ζήτημα τῶν ἐξελέγξεων τῶν ἐκλογῶν ἀπεφασίσθη νὰ γίνῃ ἐπίμονος ἀγὼν κατὰ τῶν ἐκλογῶν, ὅσαι διεξήχθησαν ἀντιθέτως πρὸς τὸν νόμον.

Μετὰ τὸ ζήτημα ἀπεφασίσθη ἡ στάσις τοῦ κόμματος εἰς τὰ ἄλλα ζητήματα.

ΤΑ ΚΑΘΙΣΜΑΤΑ

Ὅσον ἀφορᾷ τὰ καθίσματα τῆς Βουλῆς, κατὰ πρότασιν τοῦ κ. Ζαΐμη, ἐγένετο ἀποδεκτὸν ὅπως οἱ Ζαϊμικοὶ καθίσωσιν ὅλοι εἰς τὸ αὐτὸ τμῆμα, τὰ δεξιὰ τῆς προεδρίας.

ΣΥΝΑΝΤΗΣΙΣ ΘΕΟΤΟΚΗ — ΖΑΪΜΗ

Εἶτα ἐγένετο συζήτησις ἐπὶ διαφόρων τῶν λεπτομερειῶν ἀφορωσῶν εἰς τὴν συνεννόησιν τῶν Ζαϊμικῶν βουλευτῶν κατὰ τὴν διάρκειαν τῆς Βουλευτικῆς περιόδου.

Πάντες οἱ παρευρεθέντες βουλευταὶ ἀνέθεσαν εἰς τὸν κ. Ζαΐμην νὰ ἔλθῃ εἰς συνεννόησιν μετὰ τοῦ κ. Θεοτόκη, ἵνα ἀμφότεροι ἐνεργήσωσιν ἀπὸ κοινοῦ ἐν τῇ Βουλῇ μετὰ τοῦ κ.

ΤΕΛΕΥΤΑΙΑ ΩΡΑ
